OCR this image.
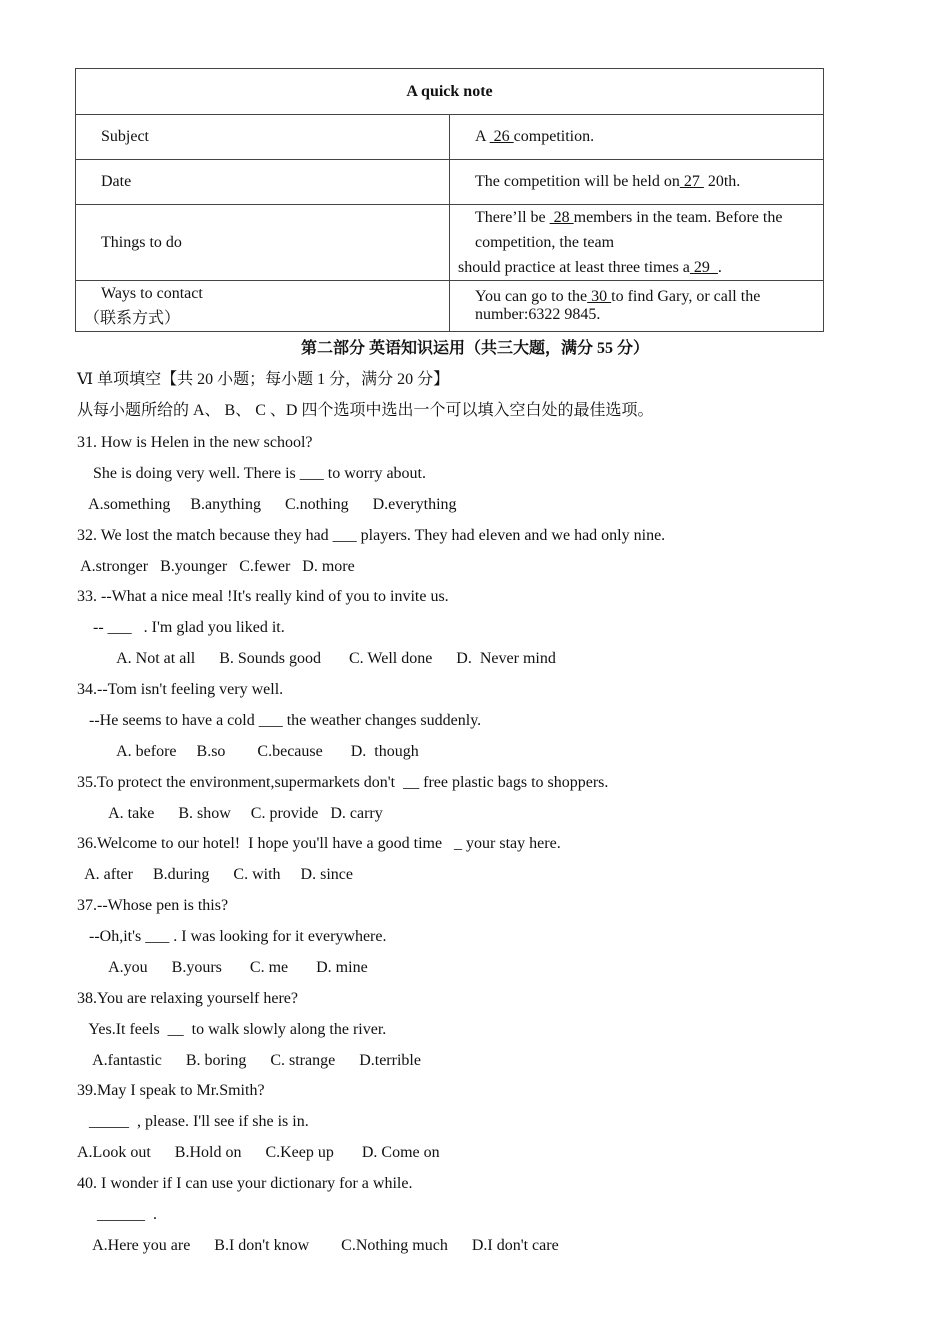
A quick note	

Subject	A  26 competition.

Date	The competition will be held on 27  20th.

Things to do	There’ll be  28 members in the team. Before the competition, the team
should practice at least three times a 29  .

Ways to contact
（联系方式）	You can go to the 30 to find Gary, or call the number:6322 9845.
第二部分 英语知识运用（共三大题，满分 55 分）
Ⅵ 单项填空【共 20 小题；每小题 1 分，满分 20 分】
从每小题所给的 A、 B、 C 、D 四个选项中选出一个可以填入空白处的最佳选项。
31. How is Helen in the new school?
She is doing very well. There is ___ to worry about.
A.something     B.anything      C.nothing      D.everything
32. We lost the match because they had ___ players. They had eleven and we had only nine.
A.stronger   B.younger   C.fewer   D. more
33. --What a nice meal !It's really kind of you to invite us.
-- ___   . I'm glad you liked it.
A. Not at all      B. Sounds good       C. Well done      D.  Never mind
34.--Tom isn't feeling very well.
--He seems to have a cold ___ the weather changes suddenly.
A. before     B.so        C.because       D.  though
35.To protect the environment,supermarkets don't  __ free plastic bags to shoppers.
A. take      B. show     C. provide   D. carry
36.Welcome to our hotel!  I hope you'll have a good time   _ your stay here.
A. after     B.during      C. with     D. since
37.--Whose pen is this?
--Oh,it's ___ . I was looking for it everywhere.
A.you      B.yours       C. me       D. mine
38.You are relaxing yourself here?
Yes.It feels  __  to walk slowly along the river.
A.fantastic      B. boring      C. strange      D.terrible
39.May I speak to Mr.Smith?
_____  , please. I'll see if she is in.
A.Look out      B.Hold on      C.Keep up       D. Come on
40. I wonder if I can use your dictionary for a while.
______  .
A.Here you are      B.I don't know        C.Nothing much      D.I don't care
